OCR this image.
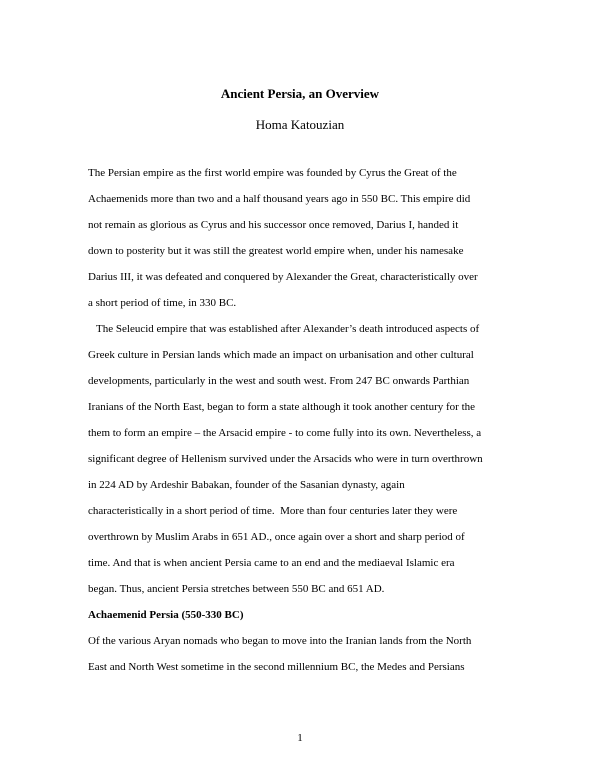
Ancient Persia, an Overview
Homa Katouzian
The Persian empire as the first world empire was founded by Cyrus the Great of the
Achaemenids more than two and a half thousand years ago in 550 BC. This empire did
not remain as glorious as Cyrus and his successor once removed, Darius I, handed it
down to posterity but it was still the greatest world empire when, under his namesake
Darius III, it was defeated and conquered by Alexander the Great, characteristically over
a short period of time, in 330 BC.
The Seleucid empire that was established after Alexander’s death introduced aspects of
Greek culture in Persian lands which made an impact on urbanisation and other cultural
developments, particularly in the west and south west. From 247 BC onwards Parthian
Iranians of the North East, began to form a state although it took another century for the
them to form an empire – the Arsacid empire - to come fully into its own. Nevertheless, a
significant degree of Hellenism survived under the Arsacids who were in turn overthrown
in 224 AD by Ardeshir Babakan, founder of the Sasanian dynasty, again
characteristically in a short period of time.  More than four centuries later they were
overthrown by Muslim Arabs in 651 AD., once again over a short and sharp period of
time. And that is when ancient Persia came to an end and the mediaeval Islamic era
began. Thus, ancient Persia stretches between 550 BC and 651 AD.
Achaemenid Persia (550-330 BC)
Of the various Aryan nomads who began to move into the Iranian lands from the North
East and North West sometime in the second millennium BC, the Medes and Persians
1
